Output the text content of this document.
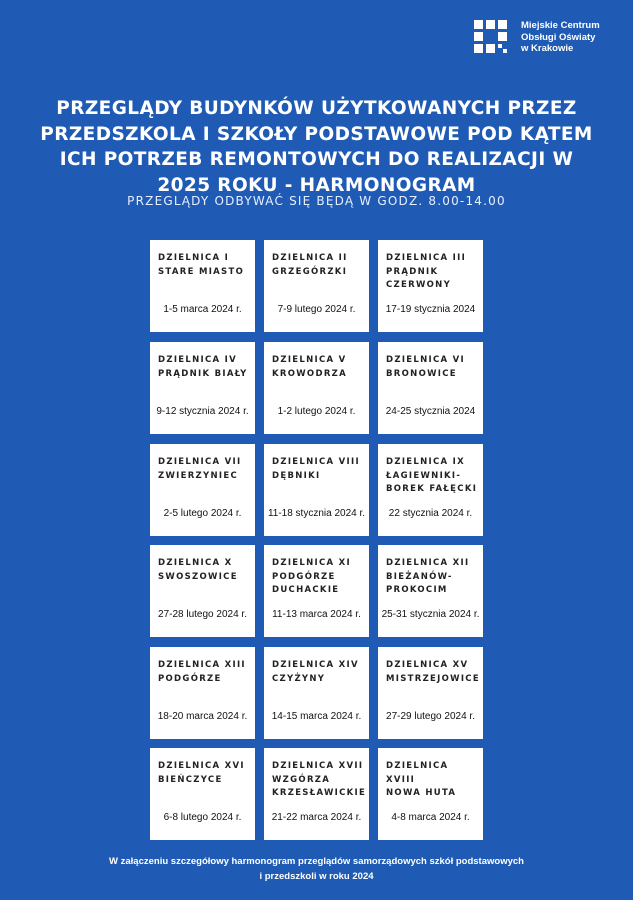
Miejskie Centrum
Obsługi Oświaty
w Krakowie
PRZEGLĄDY BUDYNKÓW UŻYTKOWANYCH PRZEZ PRZEDSZKOLA I SZKOŁY PODSTAWOWE POD KĄTEM ICH POTRZEB REMONTOWYCH DO REALIZACJI W 2025 ROKU - HARMONOGRAM
PRZEGLĄDY ODBYWAĆ SIĘ BĘDĄ W GODZ. 8.00-14.00
DZIELNICA I
STARE MIASTO
1-5 marca 2024 r.
DZIELNICA II
GRZEGÓRZKI
7-9 lutego 2024 r.
DZIELNICA III
PRĄDNIK
CZERWONY
17-19 stycznia 2024
DZIELNICA IV
PRĄDNIK BIAŁY
9-12 stycznia 2024 r.
DZIELNICA V
KROWODRZA
1-2 lutego 2024 r.
DZIELNICA VI
BRONOWICE
24-25 stycznia 2024
DZIELNICA VII
ZWIERZYNIEC
2-5 lutego 2024 r.
DZIELNICA VIII
DĘBNIKI
11-18 stycznia 2024 r.
DZIELNICA IX
ŁAGIEWNIKI-
BOREK FAŁĘCKI
22 stycznia 2024 r.
DZIELNICA X
SWOSZOWICE
27-28 lutego 2024 r.
DZIELNICA XI
PODGÓRZE
DUCHACKIE
11-13 marca 2024 r.
DZIELNICA XII
BIEŻANÓW-
PROKOCIM
25-31 stycznia 2024 r.
DZIELNICA XIII
PODGÓRZE
18-20 marca 2024 r.
DZIELNICA XIV
CZYŻYNY
14-15 marca 2024 r.
DZIELNICA XV
MISTRZEJOWICE
27-29 lutego 2024 r.
DZIELNICA XVI
BIEŃCZYCE
6-8 lutego 2024 r.
DZIELNICA XVII
WZGÓRZA
KRZESŁAWICKIE
21-22 marca 2024 r.
DZIELNICA XVIII
NOWA HUTA
4-8 marca 2024 r.
W załączeniu szczegółowy harmonogram przeglądów samorządowych szkół podstawowych
i przedszkoli w roku 2024
